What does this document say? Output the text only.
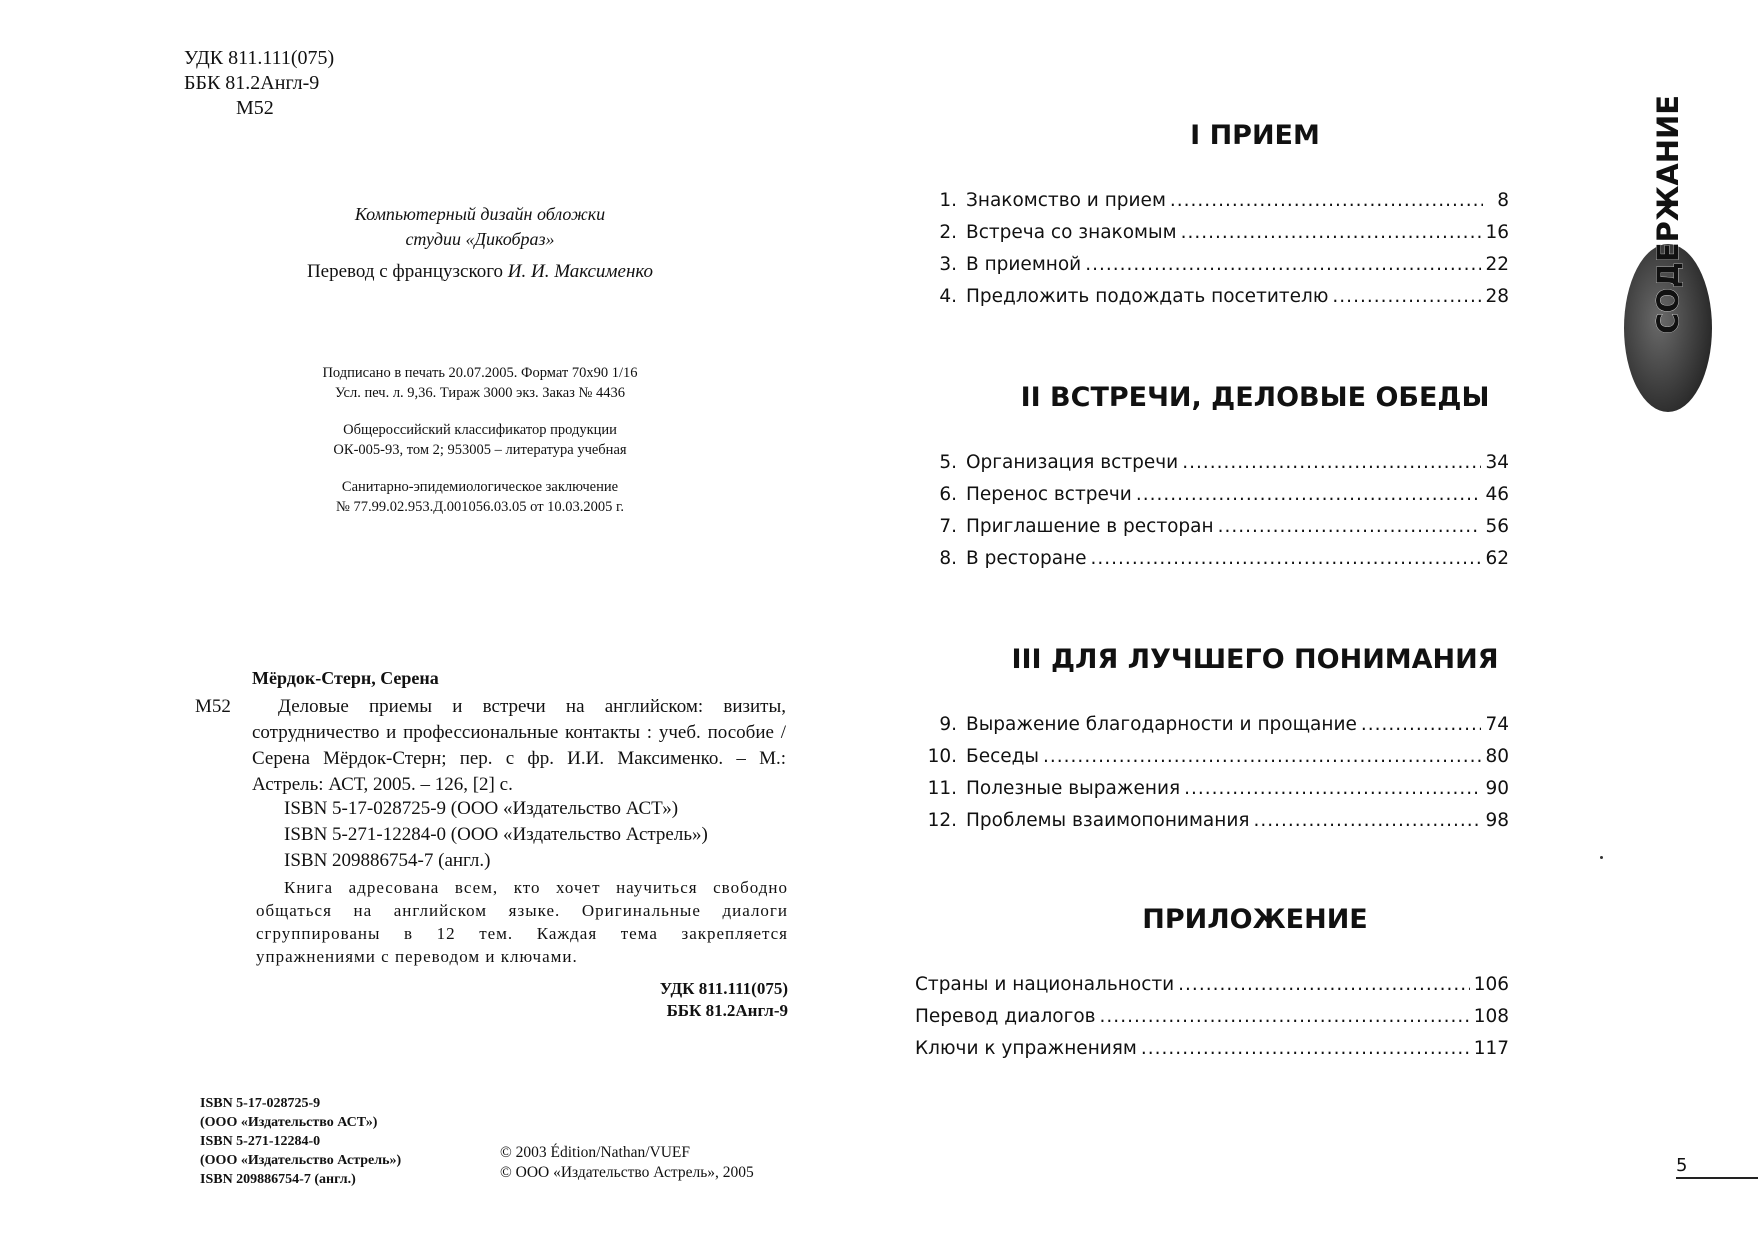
УДК 811.111(075)
ББК 81.2Англ-9
М52
Компьютерный дизайн обложки
студии «Дикобраз»
Перевод с французского И. И. Максименко

Подписано в печать 20.07.2005. Формат 70х90 1/16
Усл. печ. л. 9,36. Тираж 3000 экз. Заказ № 4436

Общероссийский классификатор продукции
ОК-005-93, том 2; 953005 – литература учебная

Санитарно-эпидемиологическое заключение
№ 77.99.02.953.Д.001056.03.05 от 10.03.2005 г.

Мёрдок-Стерн, Серена
М52	Деловые приемы и встречи на английском: визиты, сотрудничество и профессиональные контакты : учеб. пособие / Серена Мёрдок-Стерн; пер. с фр. И.И. Максименко. – М.: Астрель: АСТ, 2005. – 126, [2] с.
ISBN 5-17-028725-9 (ООО «Издательство АСТ»)
ISBN 5-271-12284-0 (ООО «Издательство Астрель»)
ISBN 209886754-7 (англ.)
Книга адресована всем, кто хочет научиться свободно общаться на английском языке. Оригинальные диалоги сгруппированы в 12 тем. Каждая тема закрепляется упражнениями с переводом и ключами.
УДК 811.111(075)
ББК 81.2Англ-9
ISBN 5-17-028725-9
(ООО «Издательство АСТ»)
ISBN 5-271-12284-0
(ООО «Издательство Астрель»)
ISBN 209886754-7 (англ.)
© 2003 Édition/Nathan/VUEF
© ООО «Издательство Астрель», 2005
I ПРИЕМ
1. Знакомство и прием .....	8
2. Встреча со знакомым .....	16
3. В приемной .....	22
4. Предложить подождать посетителю .....	28
II ВСТРЕЧИ, ДЕЛОВЫЕ ОБЕДЫ
5. Организация встречи .....	34
6. Перенос встречи .....	46
7. Приглашение в ресторан .....	56
8. В ресторане .....	62
III ДЛЯ ЛУЧШЕГО ПОНИМАНИЯ
9. Выражение благодарности и прощание .....	74
10. Беседы .....	80
11. Полезные выражения .....	90
12. Проблемы взаимопонимания .....	98
ПРИЛОЖЕНИЕ
Страны и национальности .....	106
Перевод диалогов .....	108
Ключи к упражнениям .....	117
СОДЕРЖАНИЕ
5
